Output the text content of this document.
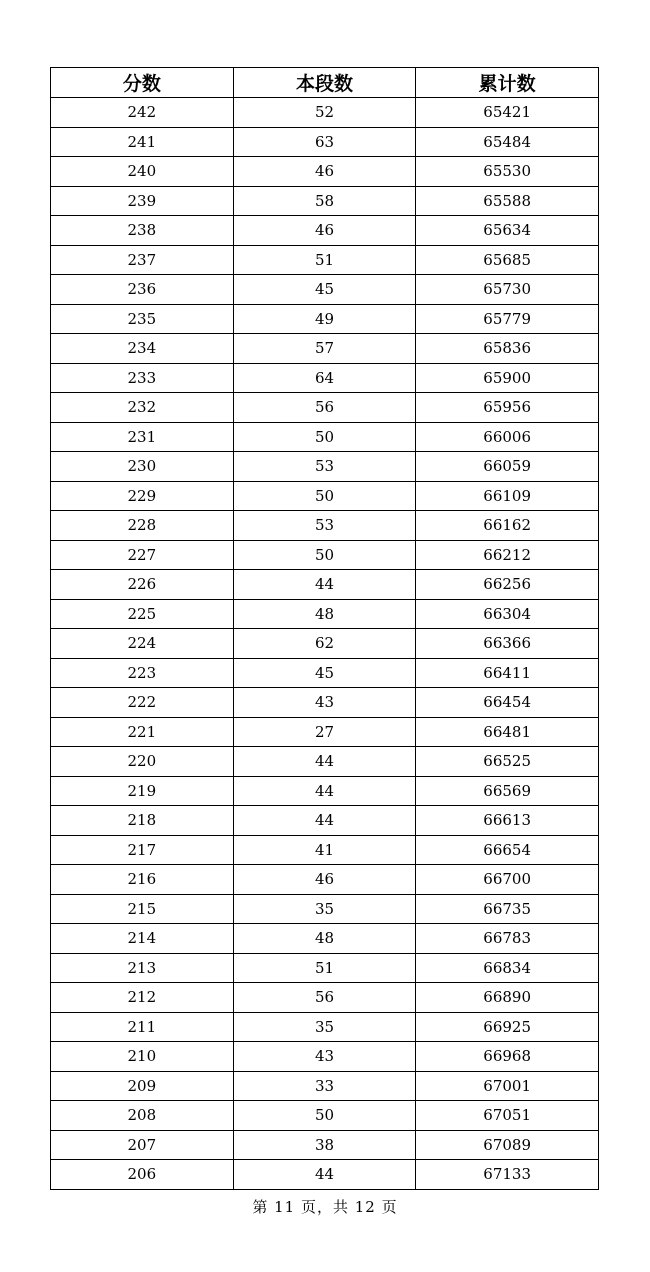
分数	本段数	累计数
242	52	65421
241	63	65484
240	46	65530
239	58	65588
238	46	65634
237	51	65685
236	45	65730
235	49	65779
234	57	65836
233	64	65900
232	56	65956
231	50	66006
230	53	66059
229	50	66109
228	53	66162
227	50	66212
226	44	66256
225	48	66304
224	62	66366
223	45	66411
222	43	66454
221	27	66481
220	44	66525
219	44	66569
218	44	66613
217	41	66654
216	46	66700
215	35	66735
214	48	66783
213	51	66834
212	56	66890
211	35	66925
210	43	66968
209	33	67001
208	50	67051
207	38	67089
206	44	67133
第 11 页，共 12 页
